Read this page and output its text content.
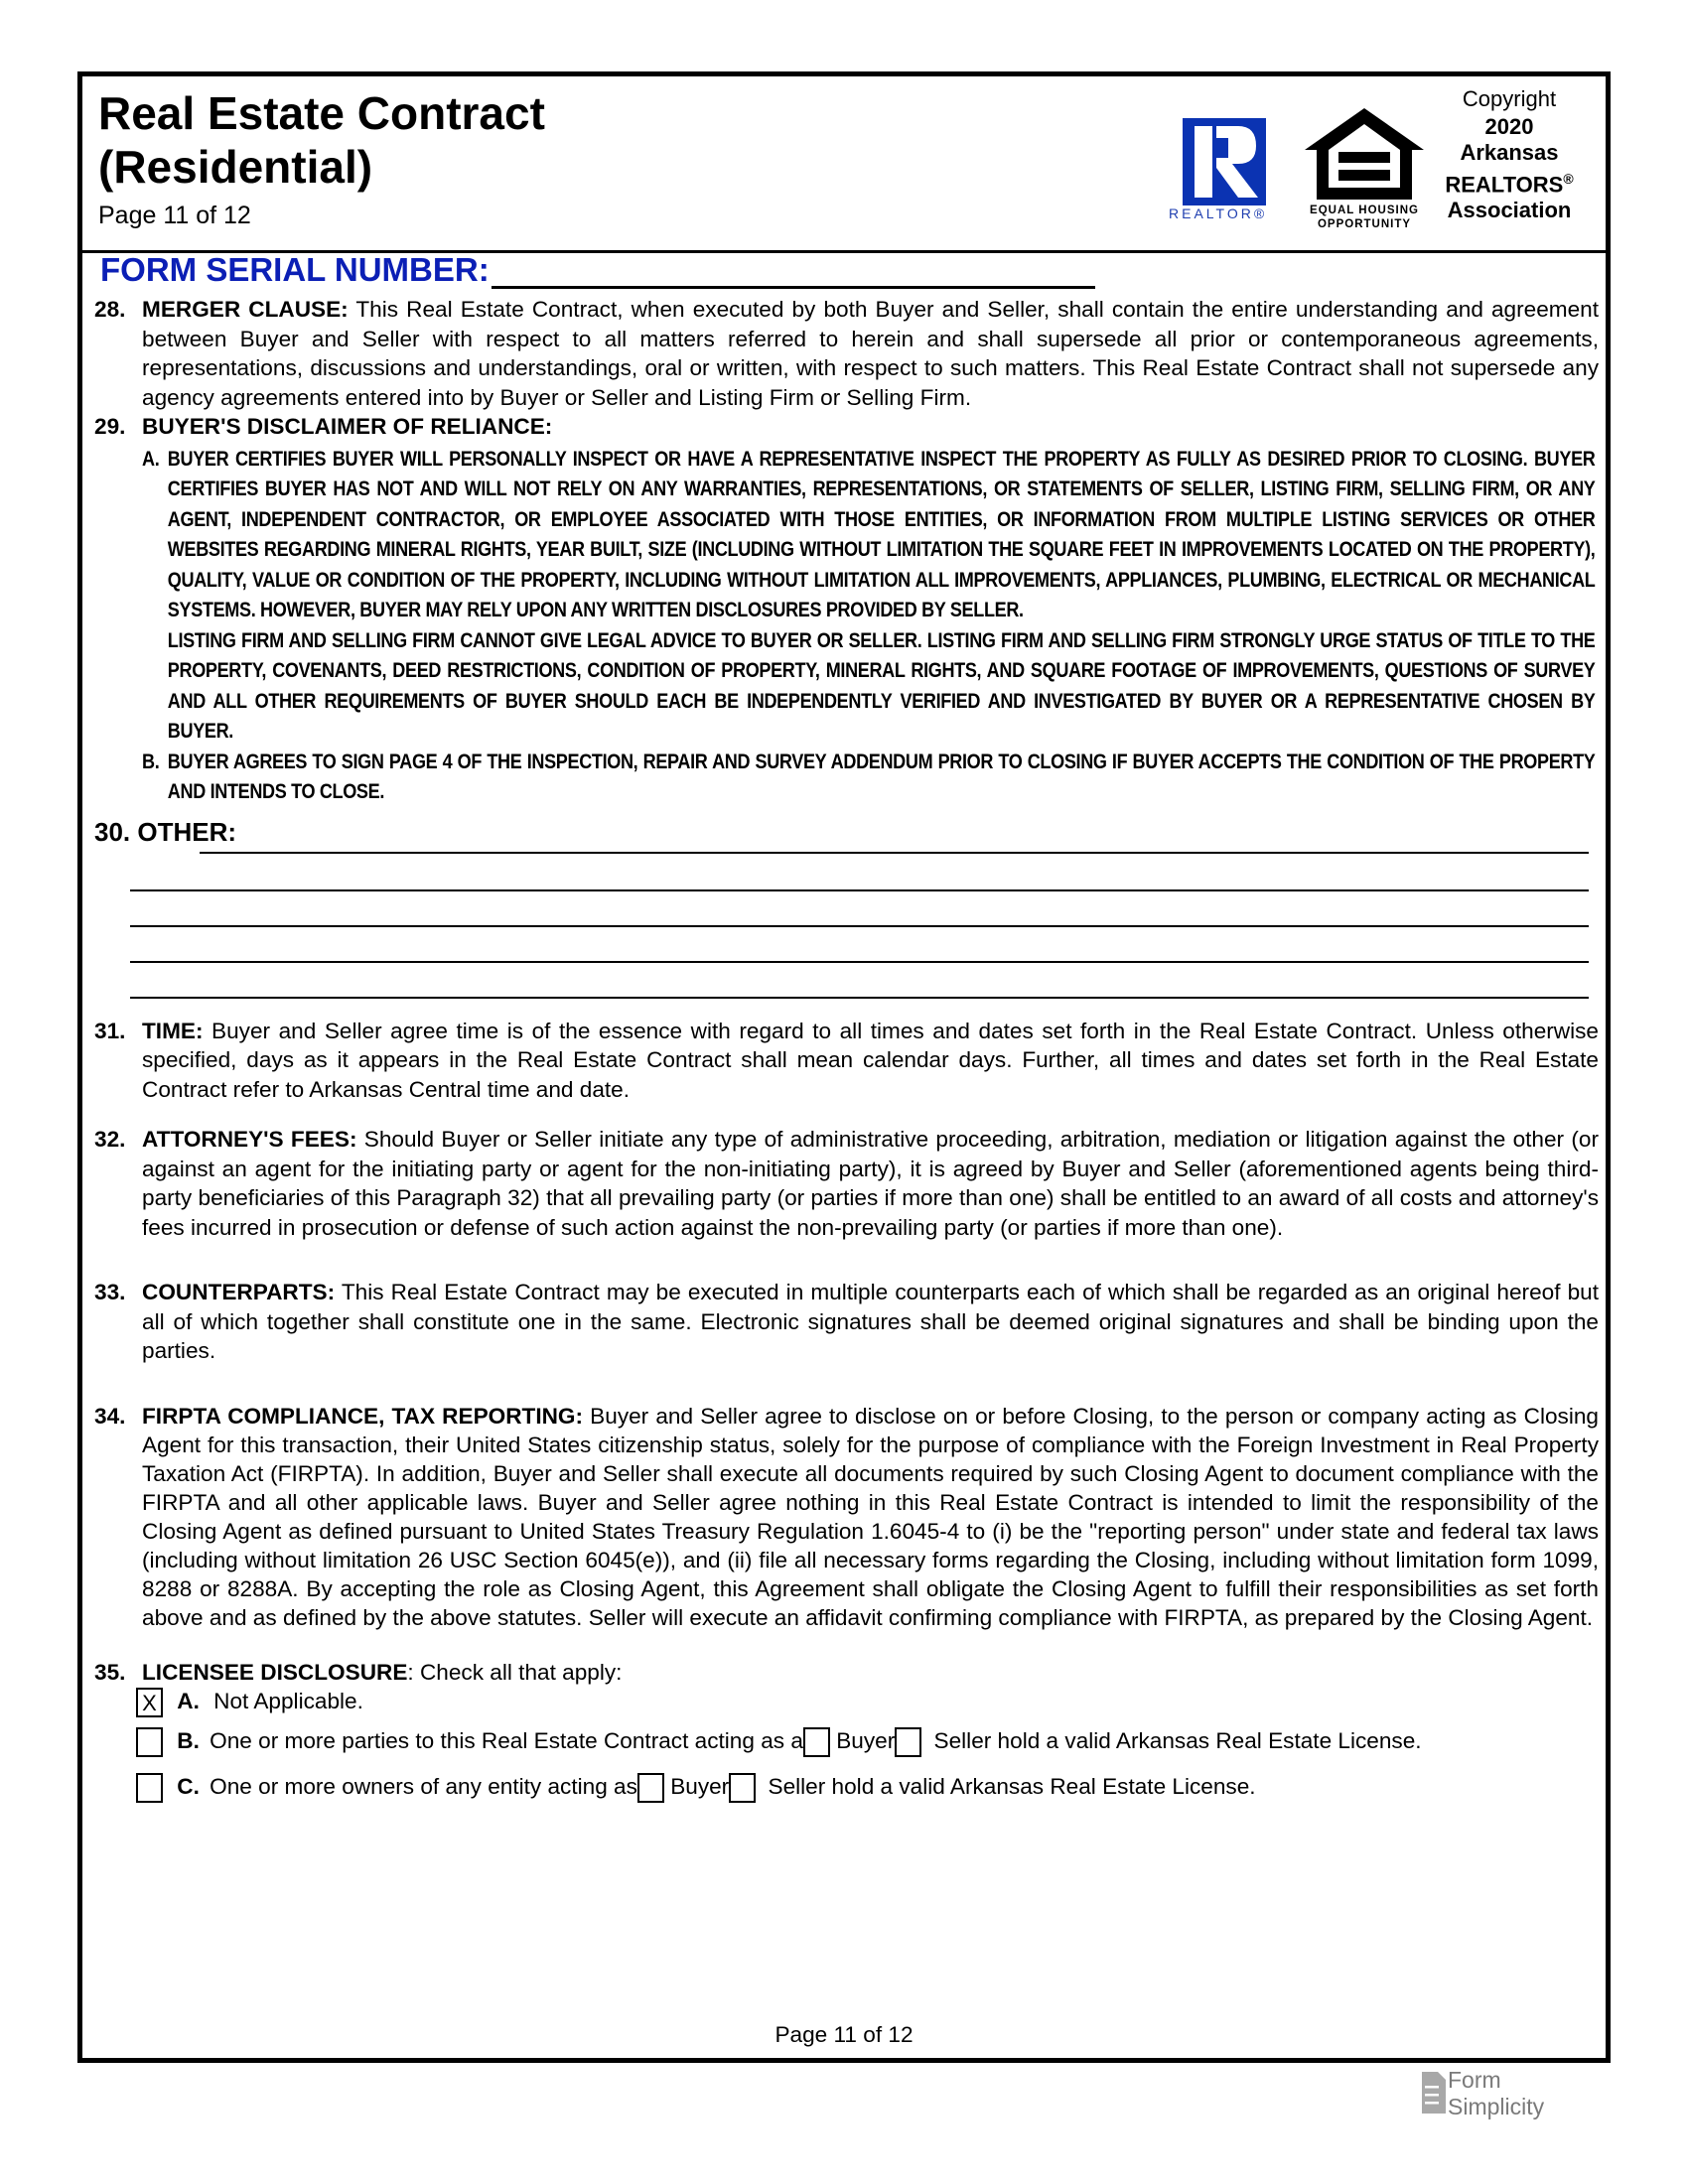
Real Estate Contract
(Residential)
Page 11 of 12	REALTOR®	EQUAL HOUSING
OPPORTUNITY
Copyright
2020
Arkansas
REALTORS®
Association
FORM SERIAL NUMBER:
28. MERGER CLAUSE: This Real Estate Contract, when executed by both Buyer and Seller, shall contain the entire understanding and agreement between Buyer and Seller with respect to all matters referred to herein and shall supersede all prior or contemporaneous agreements, representations, discussions and understandings, oral or written, with respect to such matters. This Real Estate Contract shall not supersede any agency agreements entered into by Buyer or Seller and Listing Firm or Selling Firm.
29. BUYER'S DISCLAIMER OF RELIANCE:
A. BUYER CERTIFIES BUYER WILL PERSONALLY INSPECT OR HAVE A REPRESENTATIVE INSPECT THE PROPERTY AS FULLY AS DESIRED PRIOR TO CLOSING. BUYER CERTIFIES BUYER HAS NOT AND WILL NOT RELY ON ANY WARRANTIES, REPRESENTATIONS, OR STATEMENTS OF SELLER, LISTING FIRM, SELLING FIRM, OR ANY AGENT, INDEPENDENT CONTRACTOR, OR EMPLOYEE ASSOCIATED WITH THOSE ENTITIES, OR INFORMATION FROM MULTIPLE LISTING SERVICES OR OTHER WEBSITES REGARDING MINERAL RIGHTS, YEAR BUILT, SIZE (INCLUDING WITHOUT LIMITATION THE SQUARE FEET IN IMPROVEMENTS LOCATED ON THE PROPERTY), QUALITY, VALUE OR CONDITION OF THE PROPERTY, INCLUDING WITHOUT LIMITATION ALL IMPROVEMENTS, APPLIANCES, PLUMBING, ELECTRICAL OR MECHANICAL SYSTEMS. HOWEVER, BUYER MAY RELY UPON ANY WRITTEN DISCLOSURES PROVIDED BY SELLER.
LISTING FIRM AND SELLING FIRM CANNOT GIVE LEGAL ADVICE TO BUYER OR SELLER. LISTING FIRM AND SELLING FIRM STRONGLY URGE STATUS OF TITLE TO THE PROPERTY, COVENANTS, DEED RESTRICTIONS, CONDITION OF PROPERTY, MINERAL RIGHTS, AND SQUARE FOOTAGE OF IMPROVEMENTS, QUESTIONS OF SURVEY AND ALL OTHER REQUIREMENTS OF BUYER SHOULD EACH BE INDEPENDENTLY VERIFIED AND INVESTIGATED BY BUYER OR A REPRESENTATIVE CHOSEN BY BUYER.
B. BUYER AGREES TO SIGN PAGE 4 OF THE INSPECTION, REPAIR AND SURVEY ADDENDUM PRIOR TO CLOSING IF BUYER ACCEPTS THE CONDITION OF THE PROPERTY AND INTENDS TO CLOSE.
30. OTHER:
31. TIME: Buyer and Seller agree time is of the essence with regard to all times and dates set forth in the Real Estate Contract. Unless otherwise specified, days as it appears in the Real Estate Contract shall mean calendar days. Further, all times and dates set forth in the Real Estate Contract refer to Arkansas Central time and date.
32. ATTORNEY'S FEES: Should Buyer or Seller initiate any type of administrative proceeding, arbitration, mediation or litigation against the other (or against an agent for the initiating party or agent for the non-initiating party), it is agreed by Buyer and Seller (aforementioned agents being third-party beneficiaries of this Paragraph 32) that all prevailing party (or parties if more than one) shall be entitled to an award of all costs and attorney's fees incurred in prosecution or defense of such action against the non-prevailing party (or parties if more than one).
33. COUNTERPARTS: This Real Estate Contract may be executed in multiple counterparts each of which shall be regarded as an original hereof but all of which together shall constitute one in the same. Electronic signatures shall be deemed original signatures and shall be binding upon the parties.
34. FIRPTA COMPLIANCE, TAX REPORTING: Buyer and Seller agree to disclose on or before Closing, to the person or company acting as Closing Agent for this transaction, their United States citizenship status, solely for the purpose of compliance with the Foreign Investment in Real Property Taxation Act (FIRPTA). In addition, Buyer and Seller shall execute all documents required by such Closing Agent to document compliance with the FIRPTA and all other applicable laws. Buyer and Seller agree nothing in this Real Estate Contract is intended to limit the responsibility of the Closing Agent as defined pursuant to United States Treasury Regulation 1.6045-4 to (i) be the "reporting person" under state and federal tax laws (including without limitation 26 USC Section 6045(e)), and (ii) file all necessary forms regarding the Closing, including without limitation form 1099, 8288 or 8288A. By accepting the role as Closing Agent, this Agreement shall obligate the Closing Agent to fulfill their responsibilities as set forth above and as defined by the above statutes. Seller will execute an affidavit confirming compliance with FIRPTA, as prepared by the Closing Agent.
35. LICENSEE DISCLOSURE: Check all that apply:
X A. Not Applicable.
B. One or more parties to this Real Estate Contract acting as a Buyer Seller hold a valid Arkansas Real Estate License.
C. One or more owners of any entity acting as Buyer Seller hold a valid Arkansas Real Estate License.
Page 11 of 12
Form
Simplicity
